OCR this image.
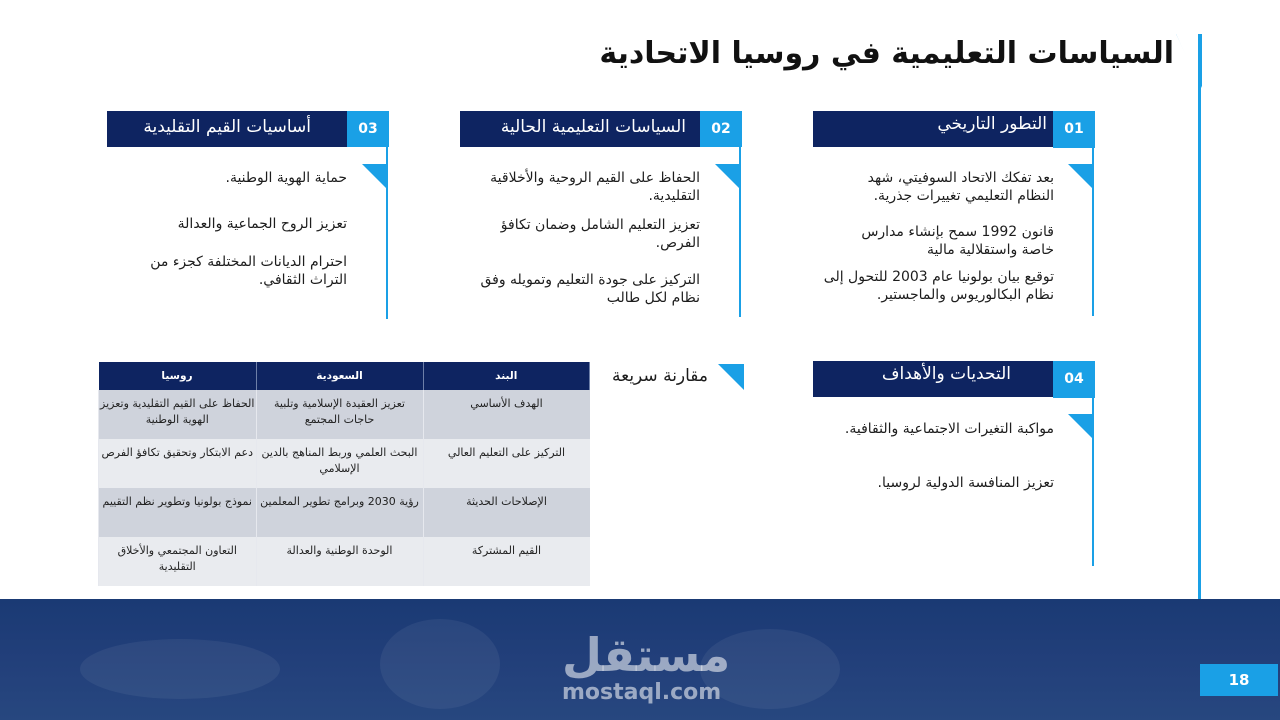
السياسات التعليمية في روسيا الاتحادية
التطور التاريخي	01
بعد تفكك الاتحاد السوفيتي، شهد
النظام التعليمي تغييرات جذرية.
قانون 1992 سمح بإنشاء مدارس
خاصة واستقلالية مالية
توقيع بيان بولونيا عام 2003 للتحول إلى
نظام البكالوريوس والماجستير.
السياسات التعليمية الحالية	02
الحفاظ على القيم الروحية والأخلاقية
التقليدية.
تعزيز التعليم الشامل وضمان تكافؤ
الفرص.
التركيز على جودة التعليم وتمويله وفق
نظام لكل طالب
أساسيات القيم التقليدية	03
حماية الهوية الوطنية.
تعزيز الروح الجماعية والعدالة
احترام الديانات المختلفة كجزء من
التراث الثقافي.
التحديات والأهداف	04
مواكبة التغيرات الاجتماعية والثقافية.
تعزيز المنافسة الدولية لروسيا.
مقارنة سريعة
البند	السعودية	روسيا
الهدف الأساسي	تعزيز العقيدة الإسلامية وتلبية حاجات المجتمع	الحفاظ على القيم التقليدية وتعزيز الهوية الوطنية
التركيز على التعليم العالي	البحث العلمي وربط المناهج بالدين الإسلامي	دعم الابتكار وتحقيق تكافؤ الفرص
الإصلاحات الحديثة	رؤية 2030 وبرامج تطوير المعلمين	نموذج بولونيا وتطوير نظم التقييم
القيم المشتركة	الوحدة الوطنية والعدالة	التعاون المجتمعي والأخلاق التقليدية
مستقل
mostaql.com	18
